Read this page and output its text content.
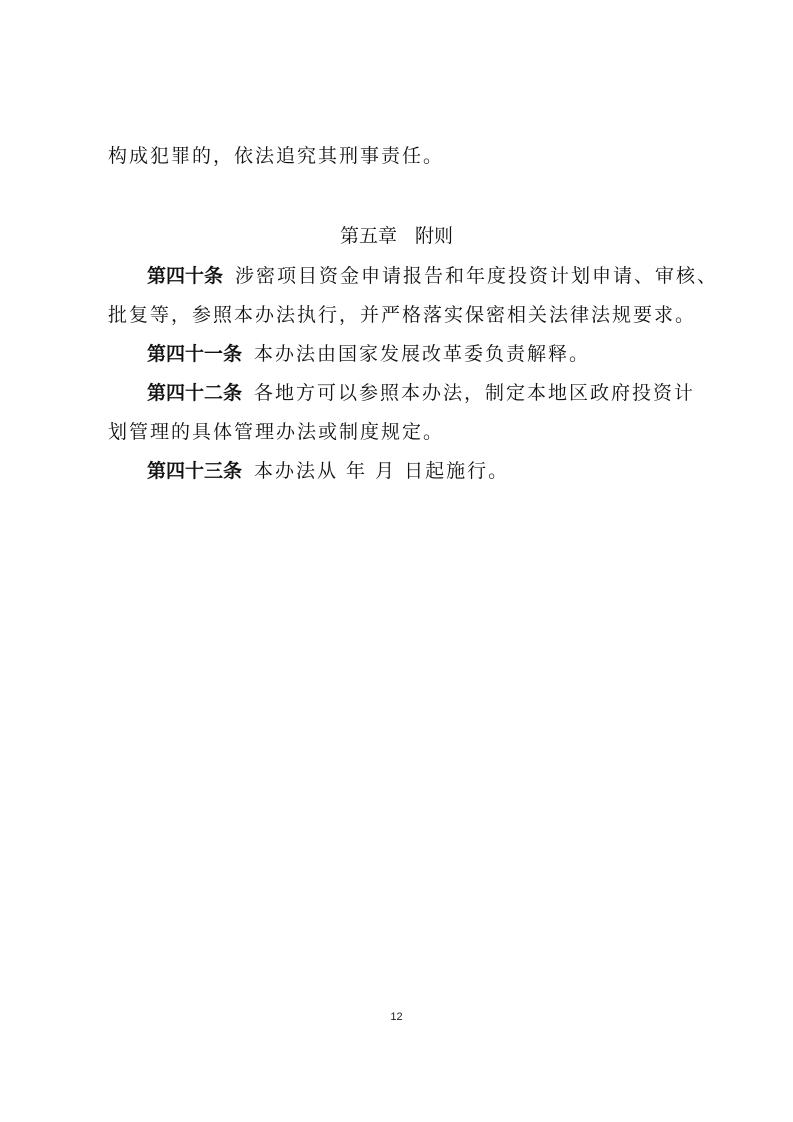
构成犯罪的，依法追究其刑事责任。
第五章 附则
第四十条 涉密项目资金申请报告和年度投资计划申请、审核、
批复等，参照本办法执行，并严格落实保密相关法律法规要求。
第四十一条 本办法由国家发展改革委负责解释。
第四十二条 各地方可以参照本办法，制定本地区政府投资计
划管理的具体管理办法或制度规定。
第四十三条 本办法从 年 月 日起施行。
12
